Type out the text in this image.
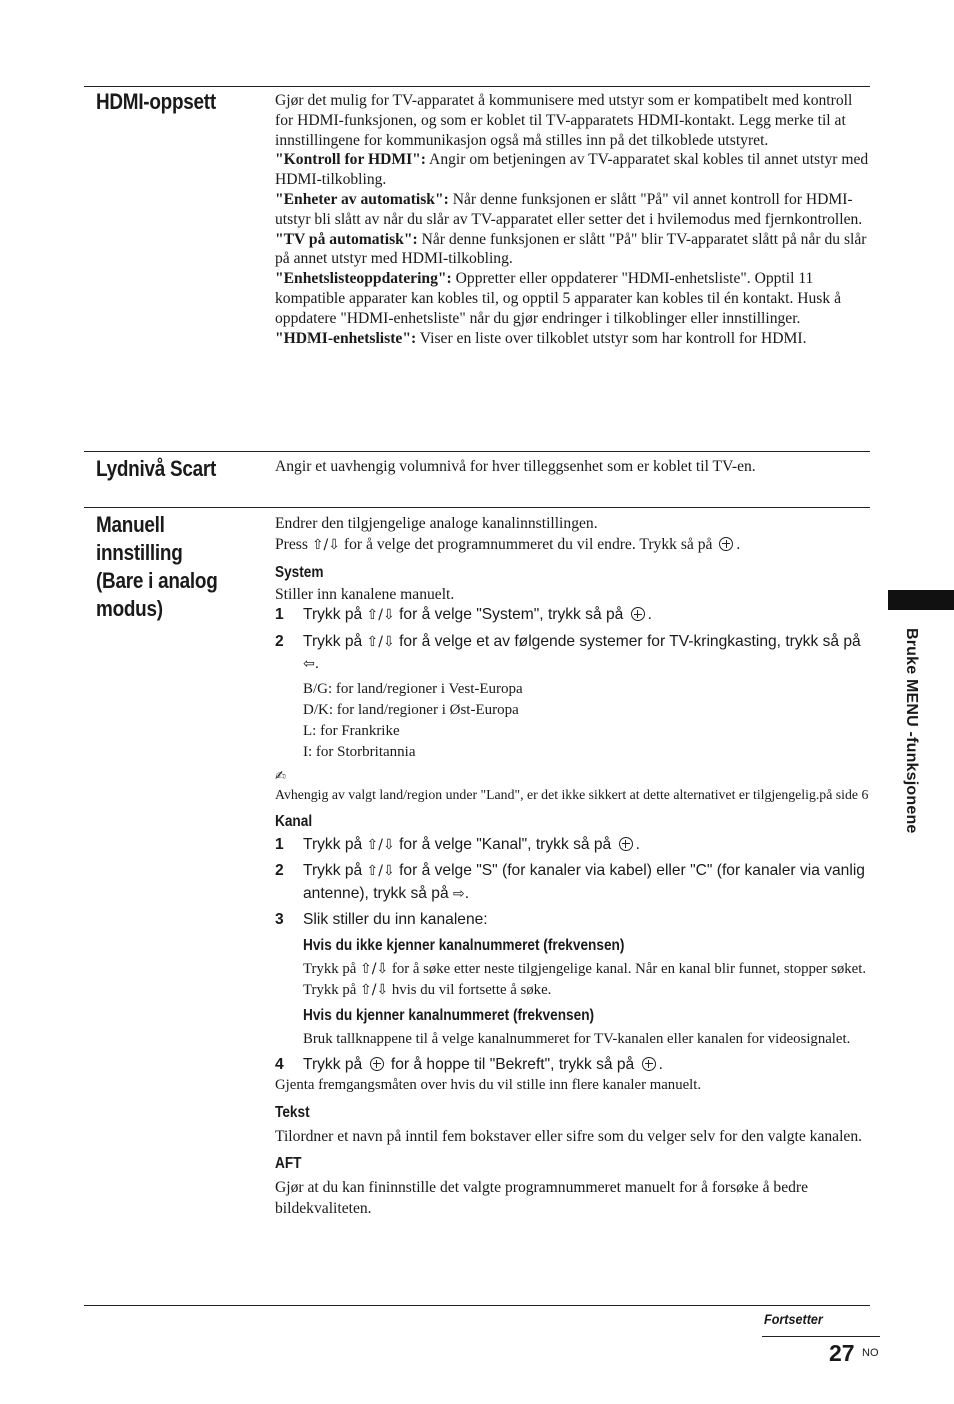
HDMI-oppsett	Gjør det mulig for TV-apparatet å kommunisere med utstyr som er kompatibelt med kontroll for HDMI-funksjonen, og som er koblet til TV-apparatets HDMI-kontakt. Legg merke til at innstillingene for kommunikasjon også må stilles inn på det tilkoblede utstyret.

"Kontroll for HDMI": Angir om betjeningen av TV-apparatet skal kobles til annet utstyr med HDMI-tilkobling.

"Enheter av automatisk": Når denne funksjonen er slått "På" vil annet kontroll for HDMI-utstyr bli slått av når du slår av TV-apparatet eller setter det i hvilemodus med fjernkontrollen.

"TV på automatisk": Når denne funksjonen er slått "På" blir TV-apparatet slått på når du slår på annet utstyr med HDMI-tilkobling.

"Enhetslisteoppdatering": Oppretter eller oppdaterer "HDMI-enhetsliste". Opptil 11 kompatible apparater kan kobles til, og opptil 5 apparater kan kobles til én kontakt. Husk å oppdatere "HDMI-enhetsliste" når du gjør endringer i tilkoblinger eller innstillinger.

"HDMI-enhetsliste": Viser en liste over tilkoblet utstyr som har kontroll for HDMI.

Lydnivå Scart	Angir et uavhengig volumnivå for hver tilleggsenhet som er koblet til TV-en.

Manuell
innstilling
(Bare i analog
modus)

Endrer den tilgjengelige analoge kanalinnstillingen.

Press ⇧/⇩ for å velge det programnummeret du vil endre. Trykk så på .

System

Stiller inn kanalene manuelt.

1 Trykk på ⇧/⇩ for å velge "System", trykk så på .
2 Trykk på ⇧/⇩ for å velge et av følgende systemer for TV-kringkasting, trykk så på ⇦.
B/G: for land/regioner i Vest-Europa
D/K: for land/regioner i Øst-Europa
L: for Frankrike
I: for Storbritannia
✍

Avhengig av valgt land/region under "Land", er det ikke sikkert at dette alternativet er tilgjengelig.på side 6

Kanal
1 Trykk på ⇧/⇩ for å velge "Kanal", trykk så på .
2 Trykk på ⇧/⇩ for å velge "S" (for kanaler via kabel) eller "C" (for kanaler via vanlig antenne), trykk så på ⇨.
3 Slik stiller du inn kanalene:
Hvis du ikke kjenner kanalnummeret (frekvensen)

Trykk på ⇧/⇩ for å søke etter neste tilgjengelige kanal. Når en kanal blir funnet, stopper søket. Trykk på ⇧/⇩ hvis du vil fortsette å søke.

Hvis du kjenner kanalnummeret (frekvensen)

Bruk tallknappene til å velge kanalnummeret for TV-kanalen eller kanalen for videosignalet.

4 Trykk på  for å hoppe til "Bekreft", trykk så på .

Gjenta fremgangsmåten over hvis du vil stille inn flere kanaler manuelt.

Tekst

Tilordner et navn på inntil fem bokstaver eller sifre som du velger selv for den valgte kanalen.

AFT

Gjør at du kan fininnstille det valgte programnummeret manuelt for å forsøke å bedre bildekvaliteten.

Bruke MENU -funksjonene
Fortsetter
27 NO
